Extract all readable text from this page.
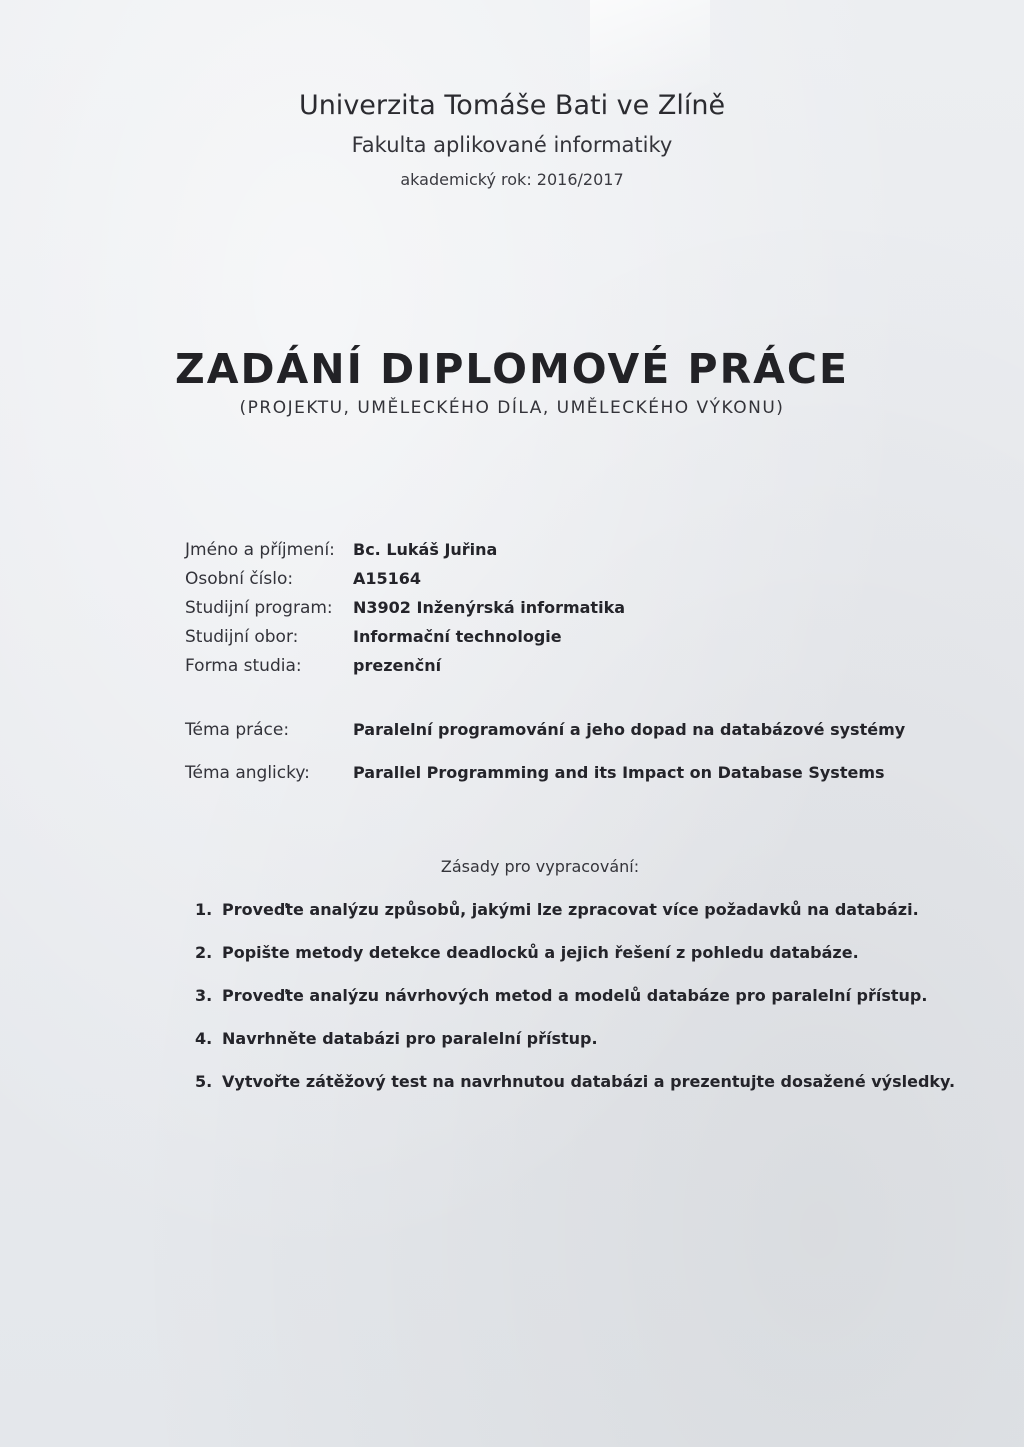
Univerzita Tomáše Bati ve Zlíně
Fakulta aplikované informatiky
akademický rok: 2016/2017
ZADÁNÍ DIPLOMOVÉ PRÁCE
(PROJEKTU, UMĚLECKÉHO DÍLA, UMĚLECKÉHO VÝKONU)
Jméno a příjmení: Bc. Lukáš Juřina
Osobní číslo:	A15164
Studijní program: N3902 Inženýrská informatika
Studijní obor:	Informační technologie
Forma studia:	prezenční
Téma práce:	Paralelní programování a jeho dopad na databázové systémy
Téma anglicky:	Parallel Programming and its Impact on Database Systems
Zásady pro vypracování:
1. Proveďte analýzu způsobů, jakými lze zpracovat více požadavků na databázi.
2. Popište metody detekce deadlocků a jejich řešení z pohledu databáze.
3. Proveďte analýzu návrhových metod a modelů databáze pro paralelní přístup.
4. Navrhněte databázi pro paralelní přístup.
5. Vytvořte zátěžový test na navrhnutou databázi a prezentujte dosažené výsledky.
